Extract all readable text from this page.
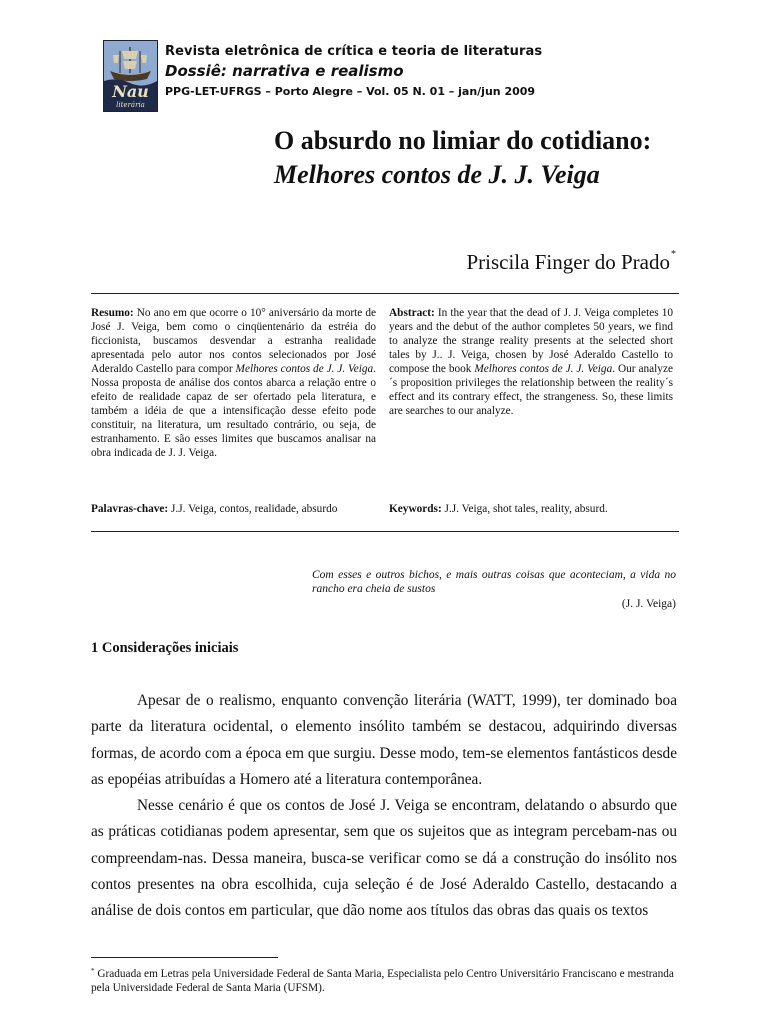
Nau
literária
Revista eletrônica de crítica e teoria de literaturas
Dossiê: narrativa e realismo
PPG-LET-UFRGS – Porto Alegre – Vol. 05 N. 01 – jan/jun 2009
O absurdo no limiar do cotidiano: Melhores contos de J. J. Veiga
Priscila Finger do Prado*
Resumo: No ano em que ocorre o 10° aniversário da morte de José J. Veiga, bem como o cinqüentenário da estréia do ficcionista, buscamos desvendar a estranha realidade apresentada pelo autor nos contos selecionados por José Aderaldo Castello para compor Melhores contos de J. J. Veiga. Nossa proposta de análise dos contos abarca a relação entre o efeito de realidade capaz de ser ofertado pela literatura, e também a idéia de que a intensificação desse efeito pode constituir, na literatura, um resultado contrário, ou seja, de estranhamento. E são esses limites que buscamos analisar na obra indicada de J. J. Veiga.
Abstract: In the year that the dead of J. J. Veiga completes 10 years and the debut of the author completes 50 years, we find to analyze the strange reality presents at the selected short tales by J.. J. Veiga, chosen by José Aderaldo Castello to compose the book Melhores contos de J. J. Veiga. Our analyze´s proposition privileges the relationship between the reality´s effect and its contrary effect, the strangeness. So, these limits are searches to our analyze.
Palavras-chave: J.J. Veiga, contos, realidade, absurdo	Keywords: J.J. Veiga, shot tales, reality, absurd.
Com esses e outros bichos, e mais outras coisas que aconteciam, a vida no rancho era cheia de sustos
(J. J. Veiga)
1 Considerações iniciais

Apesar de o realismo, enquanto convenção literária (WATT, 1999), ter dominado boa parte da literatura ocidental, o elemento insólito também se destacou, adquirindo diversas formas, de acordo com a época em que surgiu. Desse modo, tem-se elementos fantásticos desde as epopéias atribuídas a Homero até a literatura contemporânea.

Nesse cenário é que os contos de José J. Veiga se encontram, delatando o absurdo que as práticas cotidianas podem apresentar, sem que os sujeitos que as integram percebam-nas ou compreendam-nas. Dessa maneira, busca-se verificar como se dá a construção do insólito nos contos presentes na obra escolhida, cuja seleção é de José Aderaldo Castello, destacando a análise de dois contos em particular, que dão nome aos títulos das obras das quais os textos

* Graduada em Letras pela Universidade Federal de Santa Maria, Especialista pelo Centro Universitário Franciscano e mestranda pela Universidade Federal de Santa Maria (UFSM).
